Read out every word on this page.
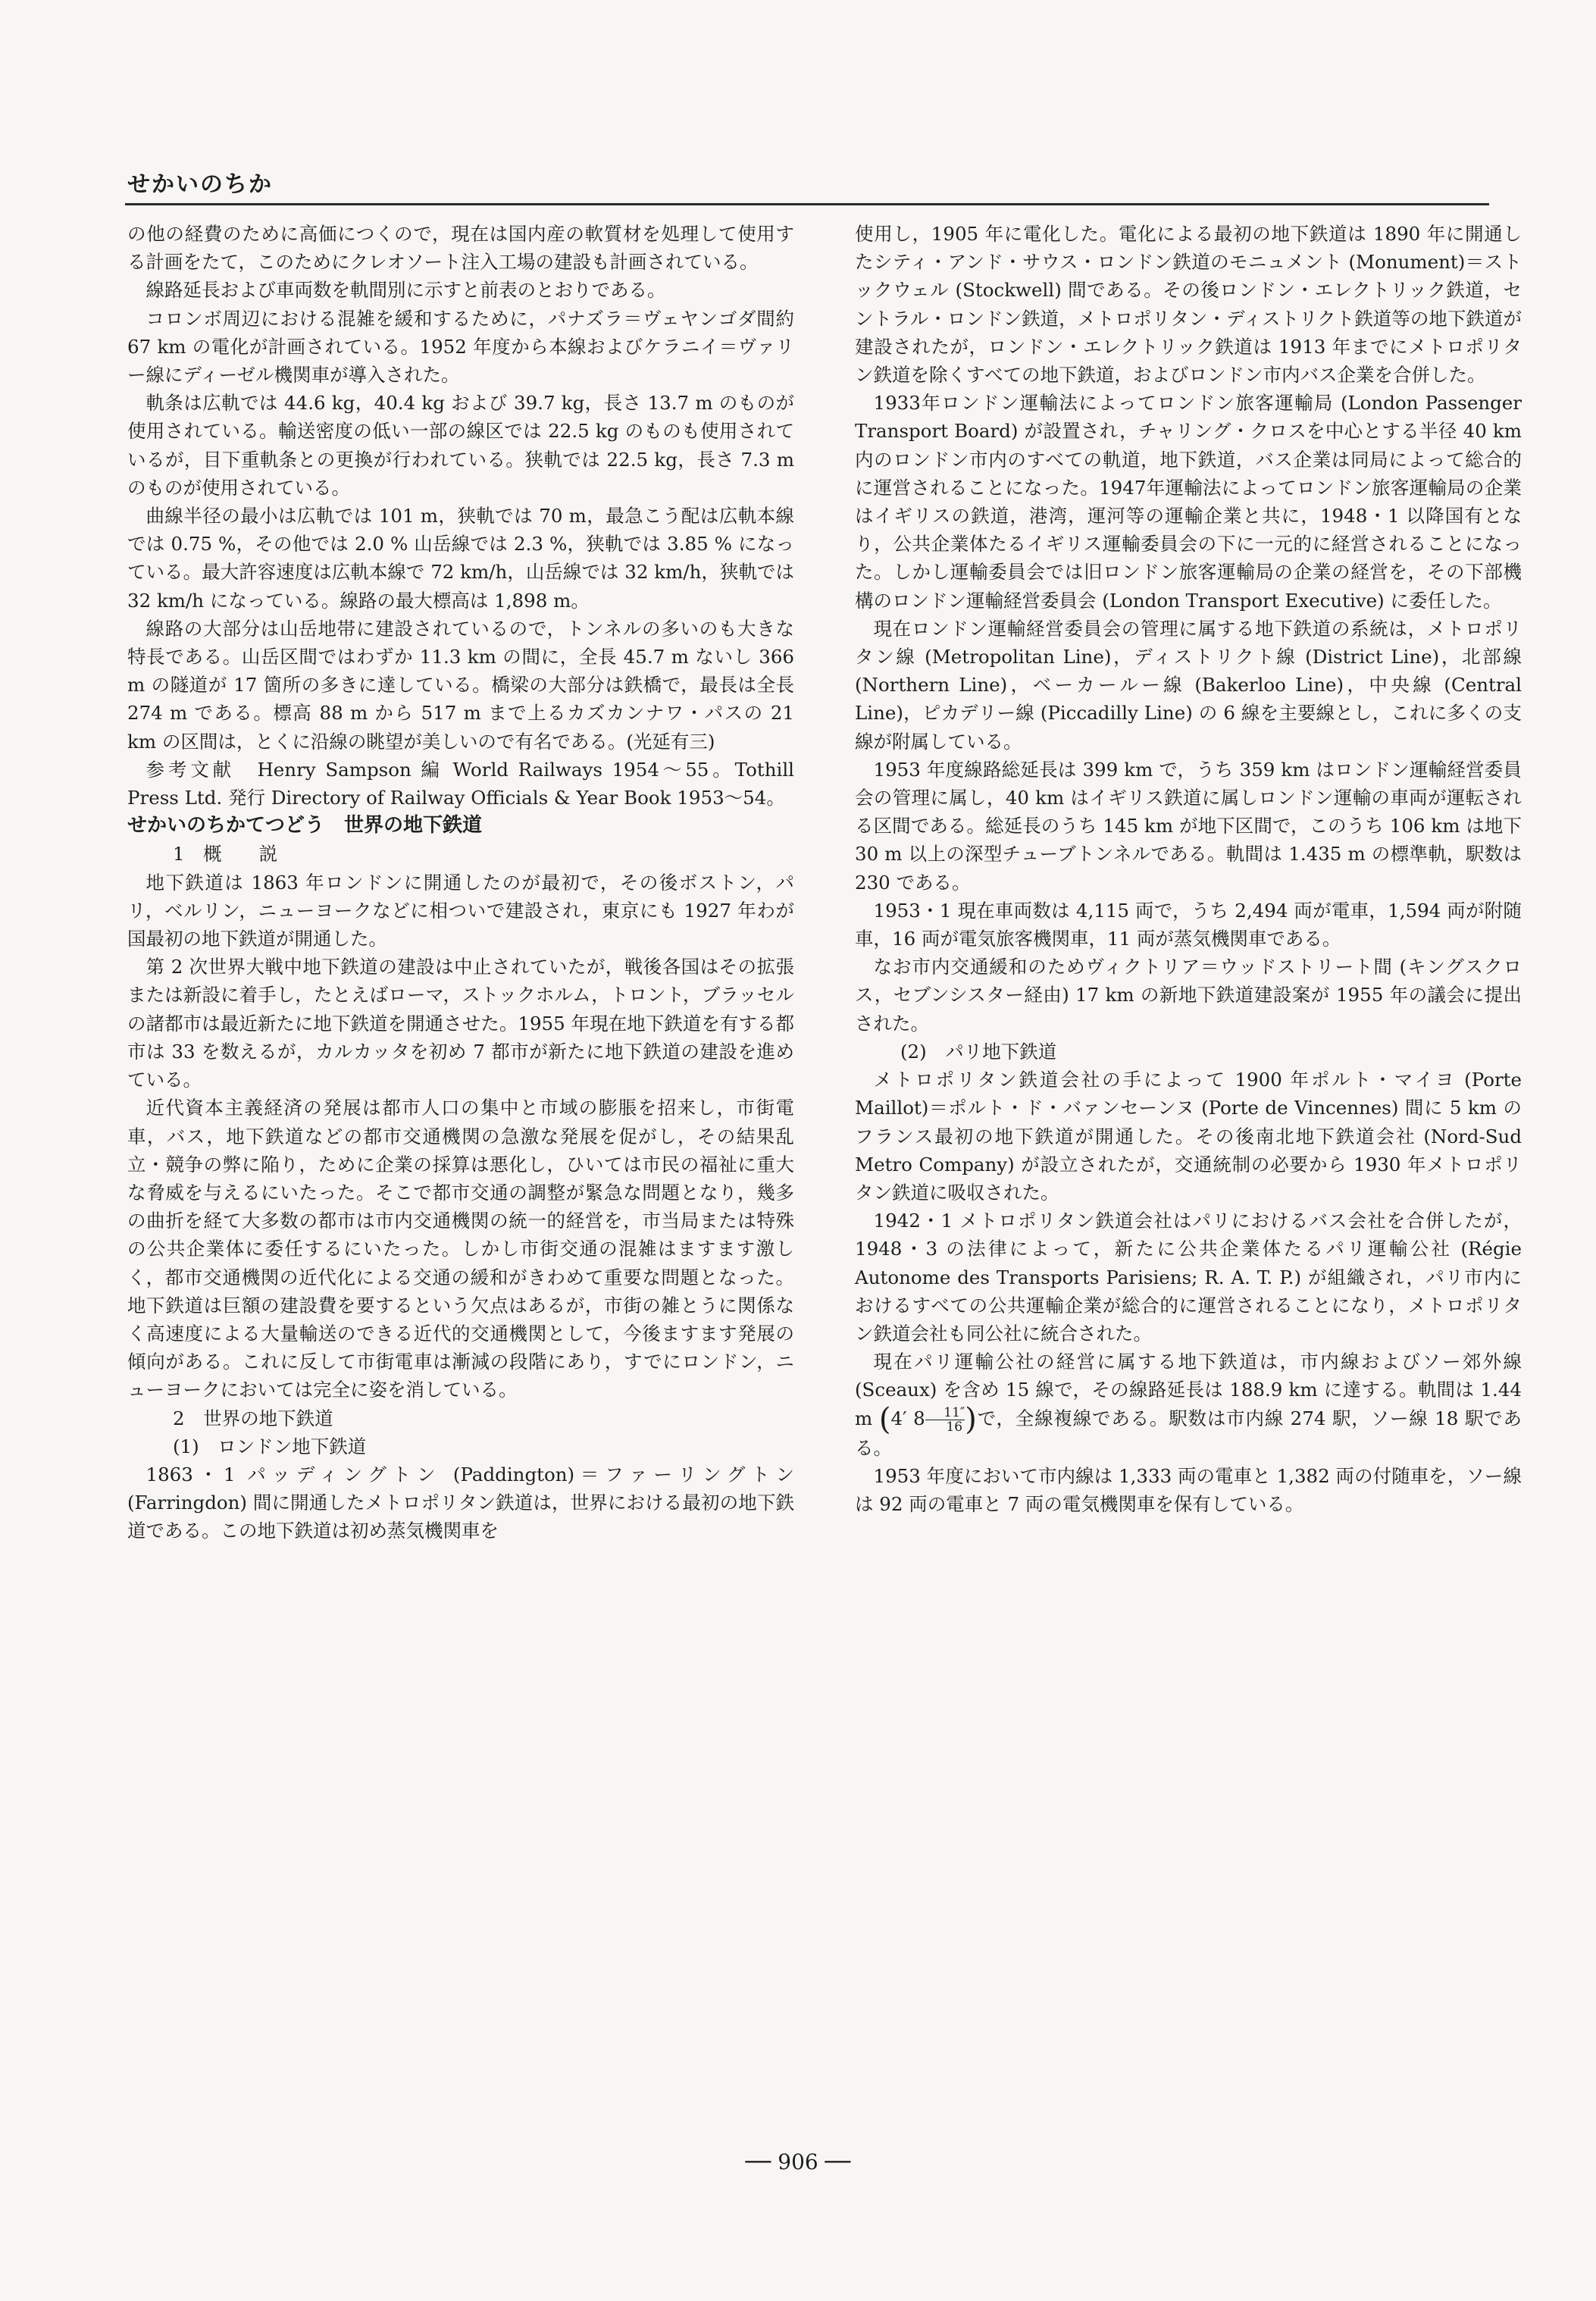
せかいのちか

の他の経費のために高価につくので，現在は国内産の軟質材を処理して使用する計画をたて，このためにクレオソート注入工場の建設も計画されている。

線路延長および車両数を軌間別に示すと前表のとおりである。

コロンボ周辺における混雑を緩和するために，パナズラ＝ヴェヤンゴダ間約 67 km の電化が計画されている。1952 年度から本線およびケラニイ＝ヴァリー線にディーゼル機関車が導入された。

軌条は広軌では 44.6 kg，40.4 kg および 39.7 kg，長さ 13.7 m のものが使用されている。輸送密度の低い一部の線区では 22.5 kg のものも使用されているが，目下重軌条との更換が行われている。狭軌では 22.5 kg，長さ 7.3 m のものが使用されている。

曲線半径の最小は広軌では 101 m，狭軌では 70 m，最急こう配は広軌本線では 0.75 %，その他では 2.0 % 山岳線では 2.3 %，狭軌では 3.85 % になっている。最大許容速度は広軌本線で 72 km/h，山岳線では 32 km/h，狭軌では 32 km/h になっている。線路の最大標高は 1,898 m。

線路の大部分は山岳地帯に建設されているので，トンネルの多いのも大きな特長である。山岳区間ではわずか 11.3 km の間に，全長 45.7 m ないし 366 m の隧道が 17 箇所の多きに達している。橋梁の大部分は鉄橋で，最長は全長 274 m である。標高 88 m から 517 m まで上るカズカンナワ・パスの 21 km の区間は，とくに沿線の眺望が美しいので有名である。(光延有三)

参考文献　Henry Sampson 編 World Railways 1954～55。Tothill Press Ltd. 発行 Directory of Railway Officials & Year Book 1953～54。

せかいのちかてつどう　世界の地下鉄道
1　概　　説

地下鉄道は 1863 年ロンドンに開通したのが最初で，その後ボストン，パリ，ベルリン，ニューヨークなどに相ついで建設され，東京にも 1927 年わが国最初の地下鉄道が開通した。

第 2 次世界大戦中地下鉄道の建設は中止されていたが，戦後各国はその拡張または新設に着手し，たとえばローマ，ストックホルム，トロント，ブラッセルの諸都市は最近新たに地下鉄道を開通させた。1955 年現在地下鉄道を有する都市は 33 を数えるが，カルカッタを初め 7 都市が新たに地下鉄道の建設を進めている。

近代資本主義経済の発展は都市人口の集中と市域の膨脹を招来し，市街電車，バス，地下鉄道などの都市交通機関の急激な発展を促がし，その結果乱立・競争の弊に陥り，ために企業の採算は悪化し，ひいては市民の福祉に重大な脅威を与えるにいたった。そこで都市交通の調整が緊急な問題となり，幾多の曲折を経て大多数の都市は市内交通機関の統一的経営を，市当局または特殊の公共企業体に委任するにいたった。しかし市街交通の混雑はますます激しく，都市交通機関の近代化による交通の緩和がきわめて重要な問題となった。地下鉄道は巨額の建設費を要するという欠点はあるが，市街の雑とうに関係なく高速度による大量輸送のできる近代的交通機関として，今後ますます発展の傾向がある。これに反して市街電車は漸減の段階にあり，すでにロンドン，ニューヨークにおいては完全に姿を消している。

2　世界の地下鉄道
(1)　ロンドン地下鉄道

1863・1 パッディングトン (Paddington)＝ファーリングトン (Farringdon) 間に開通したメトロポリタン鉄道は，世界における最初の地下鉄道である。この地下鉄道は初め蒸気機関車を

使用し，1905 年に電化した。電化による最初の地下鉄道は 1890 年に開通したシティ・アンド・サウス・ロンドン鉄道のモニュメント (Monument)＝ストックウェル (Stockwell) 間である。その後ロンドン・エレクトリック鉄道，セントラル・ロンドン鉄道，メトロポリタン・ディストリクト鉄道等の地下鉄道が建設されたが，ロンドン・エレクトリック鉄道は 1913 年までにメトロポリタン鉄道を除くすべての地下鉄道，およびロンドン市内バス企業を合併した。

1933年ロンドン運輸法によってロンドン旅客運輸局 (London Passenger Transport Board) が設置され，チャリング・クロスを中心とする半径 40 km 内のロンドン市内のすべての軌道，地下鉄道，バス企業は同局によって総合的に運営されることになった。1947年運輸法によってロンドン旅客運輸局の企業はイギリスの鉄道，港湾，運河等の運輸企業と共に，1948・1 以降国有となり，公共企業体たるイギリス運輸委員会の下に一元的に経営されることになった。しかし運輸委員会では旧ロンドン旅客運輸局の企業の経営を，その下部機構のロンドン運輸経営委員会 (London Transport Executive) に委任した。

現在ロンドン運輸経営委員会の管理に属する地下鉄道の系統は，メトロポリタン線 (Metropolitan Line)，ディストリクト線 (District Line)，北部線 (Northern Line)，ベーカールー線 (Bakerloo Line)，中央線 (Central Line)，ピカデリー線 (Piccadilly Line) の 6 線を主要線とし，これに多くの支線が附属している。

1953 年度線路総延長は 399 km で，うち 359 km はロンドン運輸経営委員会の管理に属し，40 km はイギリス鉄道に属しロンドン運輸の車両が運転される区間である。総延長のうち 145 km が地下区間で，このうち 106 km は地下 30 m 以上の深型チューブトンネルである。軌間は 1.435 m の標準軌，駅数は 230 である。

1953・1 現在車両数は 4,115 両で，うち 2,494 両が電車，1,594 両が附随車，16 両が電気旅客機関車，11 両が蒸気機関車である。

なお市内交通緩和のためヴィクトリア＝ウッドストリート間 (キングスクロス，セブンシスター経由) 17 km の新地下鉄道建設案が 1955 年の議会に提出された。

(2)　パリ地下鉄道

メトロポリタン鉄道会社の手によって 1900 年ポルト・マイヨ (Porte Maillot)＝ポルト・ド・バァンセーンヌ (Porte de Vincennes) 間に 5 km のフランス最初の地下鉄道が開通した。その後南北地下鉄道会社 (Nord-Sud Metro Company) が設立されたが，交通統制の必要から 1930 年メトロポリタン鉄道に吸収された。

1942・1 メトロポリタン鉄道会社はパリにおけるバス会社を合併したが，1948・3 の法律によって，新たに公共企業体たるパリ運輸公社 (Régie Autonome des Transports Parisiens; R. A. T. P.) が組織され，パリ市内におけるすべての公共運輸企業が総合的に運営されることになり，メトロポリタン鉄道会社も同公社に統合された。

現在パリ運輸公社の経営に属する地下鉄道は，市内線およびソー郊外線 (Sceaux) を含め 15 線で，その線路延長は 188.9 km に達する。軌間は 1.44 m (4′ $8 \frac{11''}{16}$ )で，全線複線である。駅数は市内線 274 駅，ソー線 18 駅である。

1953 年度において市内線は 1,333 両の電車と 1,382 両の付随車を，ソー線は 92 両の電車と 7 両の電気機関車を保有している。

── 906 ──
